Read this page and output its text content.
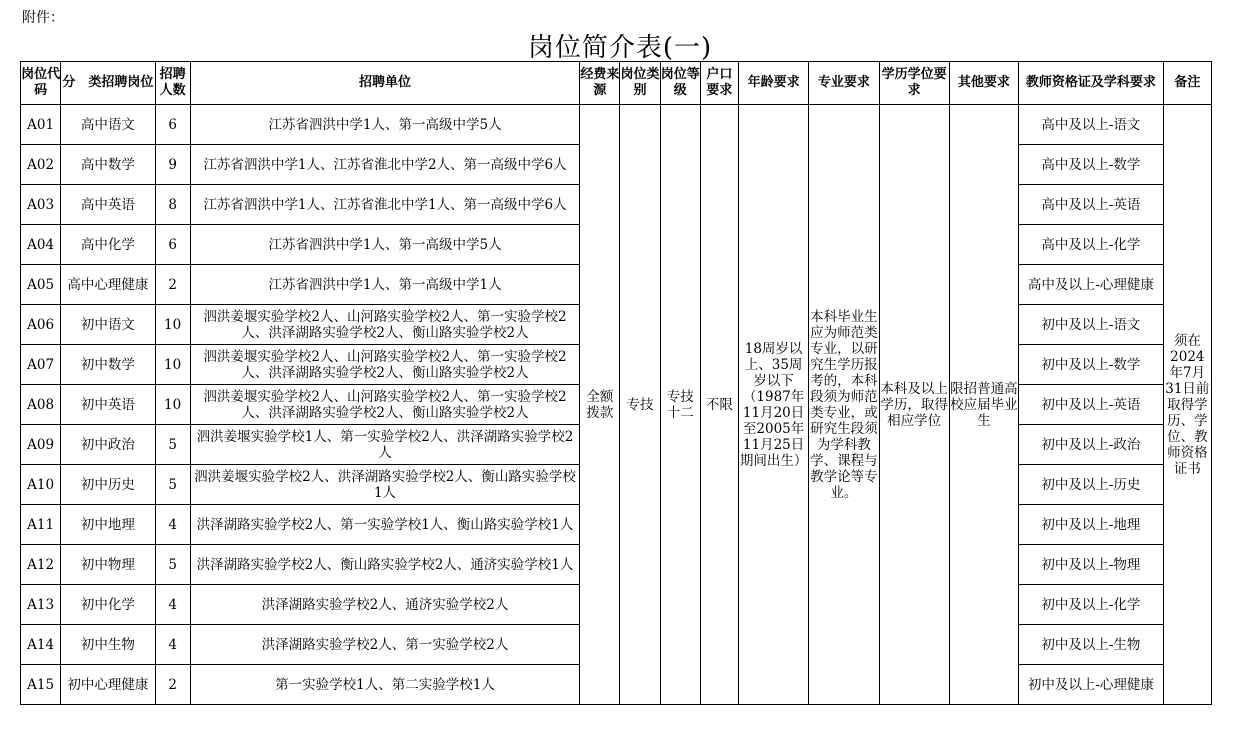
附件：
岗位简介表(一)
岗位代码	分　类招聘岗位	招聘人数	招聘单位	经费来源	岗位类别	岗位等级	户口要求	年龄要求	专业要求	学历学位要求	其他要求	教师资格证及学科要求	备注
A01	高中语文	6	江苏省泗洪中学1人、第一高级中学5人	全额拨款	专技	专技十二	不限	18周岁以上、35周岁以下（1987年11月20日至2005年11月25日期间出生）	本科毕业生应为师范类专业，以研究生学历报考的，本科段须为师范类专业，或研究生段须为学科教学、课程与教学论等专业。	本科及以上学历，取得相应学位	限招普通高校应届毕业生	高中及以上-语文	须在2024年7月31日前取得学历、学位、教师资格证书
A02	高中数学	9	江苏省泗洪中学1人、江苏省淮北中学2人、第一高级中学6人									高中及以上-数学	
A03	高中英语	8	江苏省泗洪中学1人、江苏省淮北中学1人、第一高级中学6人									高中及以上-英语	
A04	高中化学	6	江苏省泗洪中学1人、第一高级中学5人									高中及以上-化学	
A05	高中心理健康	2	江苏省泗洪中学1人、第一高级中学1人									高中及以上-心理健康	
A06	初中语文	10	泗洪姜堰实验学校2人、山河路实验学校2人、第一实验学校2人、洪泽湖路实验学校2人、衡山路实验学校2人									初中及以上-语文	
A07	初中数学	10	泗洪姜堰实验学校2人、山河路实验学校2人、第一实验学校2人、洪泽湖路实验学校2人、衡山路实验学校2人									初中及以上-数学	
A08	初中英语	10	泗洪姜堰实验学校2人、山河路实验学校2人、第一实验学校2人、洪泽湖路实验学校2人、衡山路实验学校2人									初中及以上-英语	
A09	初中政治	5	泗洪姜堰实验学校1人、第一实验学校2人、洪泽湖路实验学校2人									初中及以上-政治	
A10	初中历史	5	泗洪姜堰实验学校2人、洪泽湖路实验学校2人、衡山路实验学校1人									初中及以上-历史	
A11	初中地理	4	洪泽湖路实验学校2人、第一实验学校1人、衡山路实验学校1人									初中及以上-地理	
A12	初中物理	5	洪泽湖路实验学校2人、衡山路实验学校2人、通济实验学校1人									初中及以上-物理	
A13	初中化学	4	洪泽湖路实验学校2人、通济实验学校2人									初中及以上-化学	
A14	初中生物	4	洪泽湖路实验学校2人、第一实验学校2人									初中及以上-生物	
A15	初中心理健康	2	第一实验学校1人、第二实验学校1人									初中及以上-心理健康	
